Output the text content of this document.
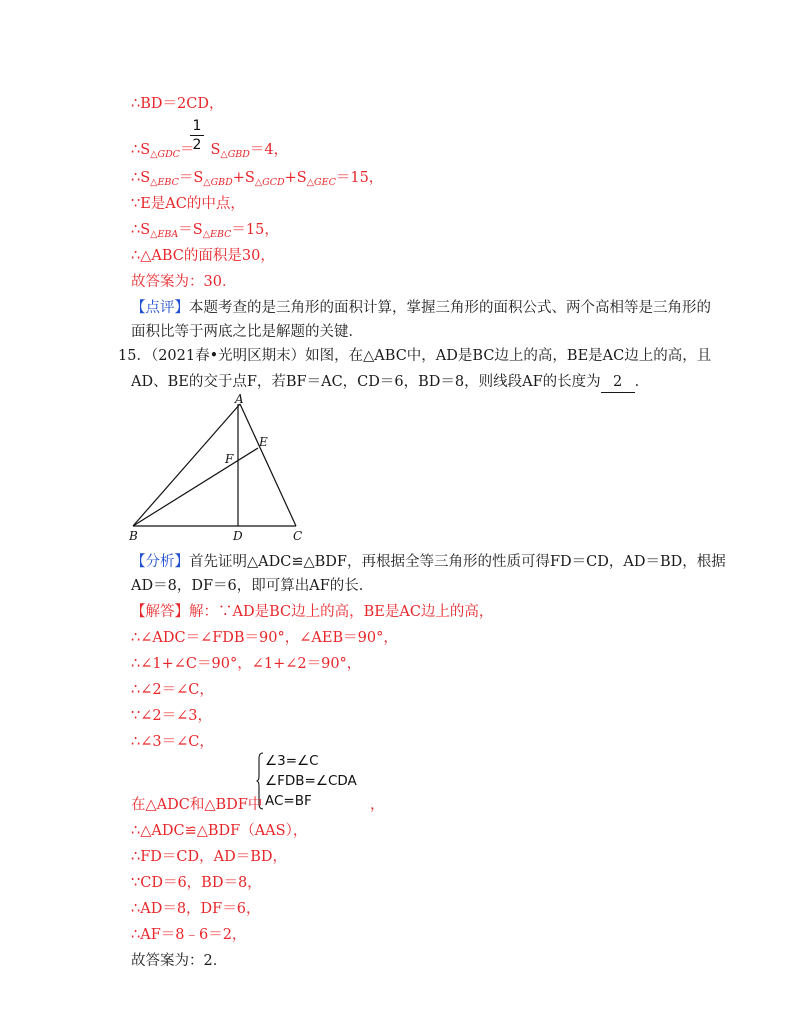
∴BD＝2CD，
$\therefore S_{\triangle GDC}= S_{\triangle GBD}=4$，
1
2
$\therefore S_{\triangle EBC}=S_{\triangle GBD}+S_{\triangle GCD}+S_{\triangle GEC}=15$，
∵E是AC的中点，
$\therefore S_{\triangle EBA}=S_{\triangle EBC}=15$，
∴△ABC的面积是30，
故答案为：30．
【点评】本题考查的是三角形的面积计算，掌握三角形的面积公式、两个高相等是三角形的
面积比等于两底之比是解题的关键．
15．（2021春•光明区期末）如图，在△ABC中，AD是BC边上的高，BE是AC边上的高，且
AD、BE的交于点F，若BF＝AC，CD＝6，BD＝8，则线段AF的长度为 2 ．
A
B	C
D
E
F
【分析】首先证明△ADC≌△BDF，再根据全等三角形的性质可得FD＝CD，AD＝BD，根据
AD＝8，DF＝6，即可算出AF的长．
【解答】解：∵AD是BC边上的高，BE是AC边上的高，
∴∠ADC＝∠FDB＝90°，∠AEB＝90°，
∴∠1+∠C＝90°，∠1+∠2＝90°，
∴∠2＝∠C，
∵∠2＝∠3，
∴∠3＝∠C，
∠3=∠C
∠FDB=∠CDA
AC=BF
在△ADC和△BDF中	，
∴△ADC≌△BDF（AAS），
∴FD＝CD，AD＝BD，
∵CD＝6，BD＝8，
∴AD＝8，DF＝6，
∴AF＝8﹣6＝2，
故答案为：2．
